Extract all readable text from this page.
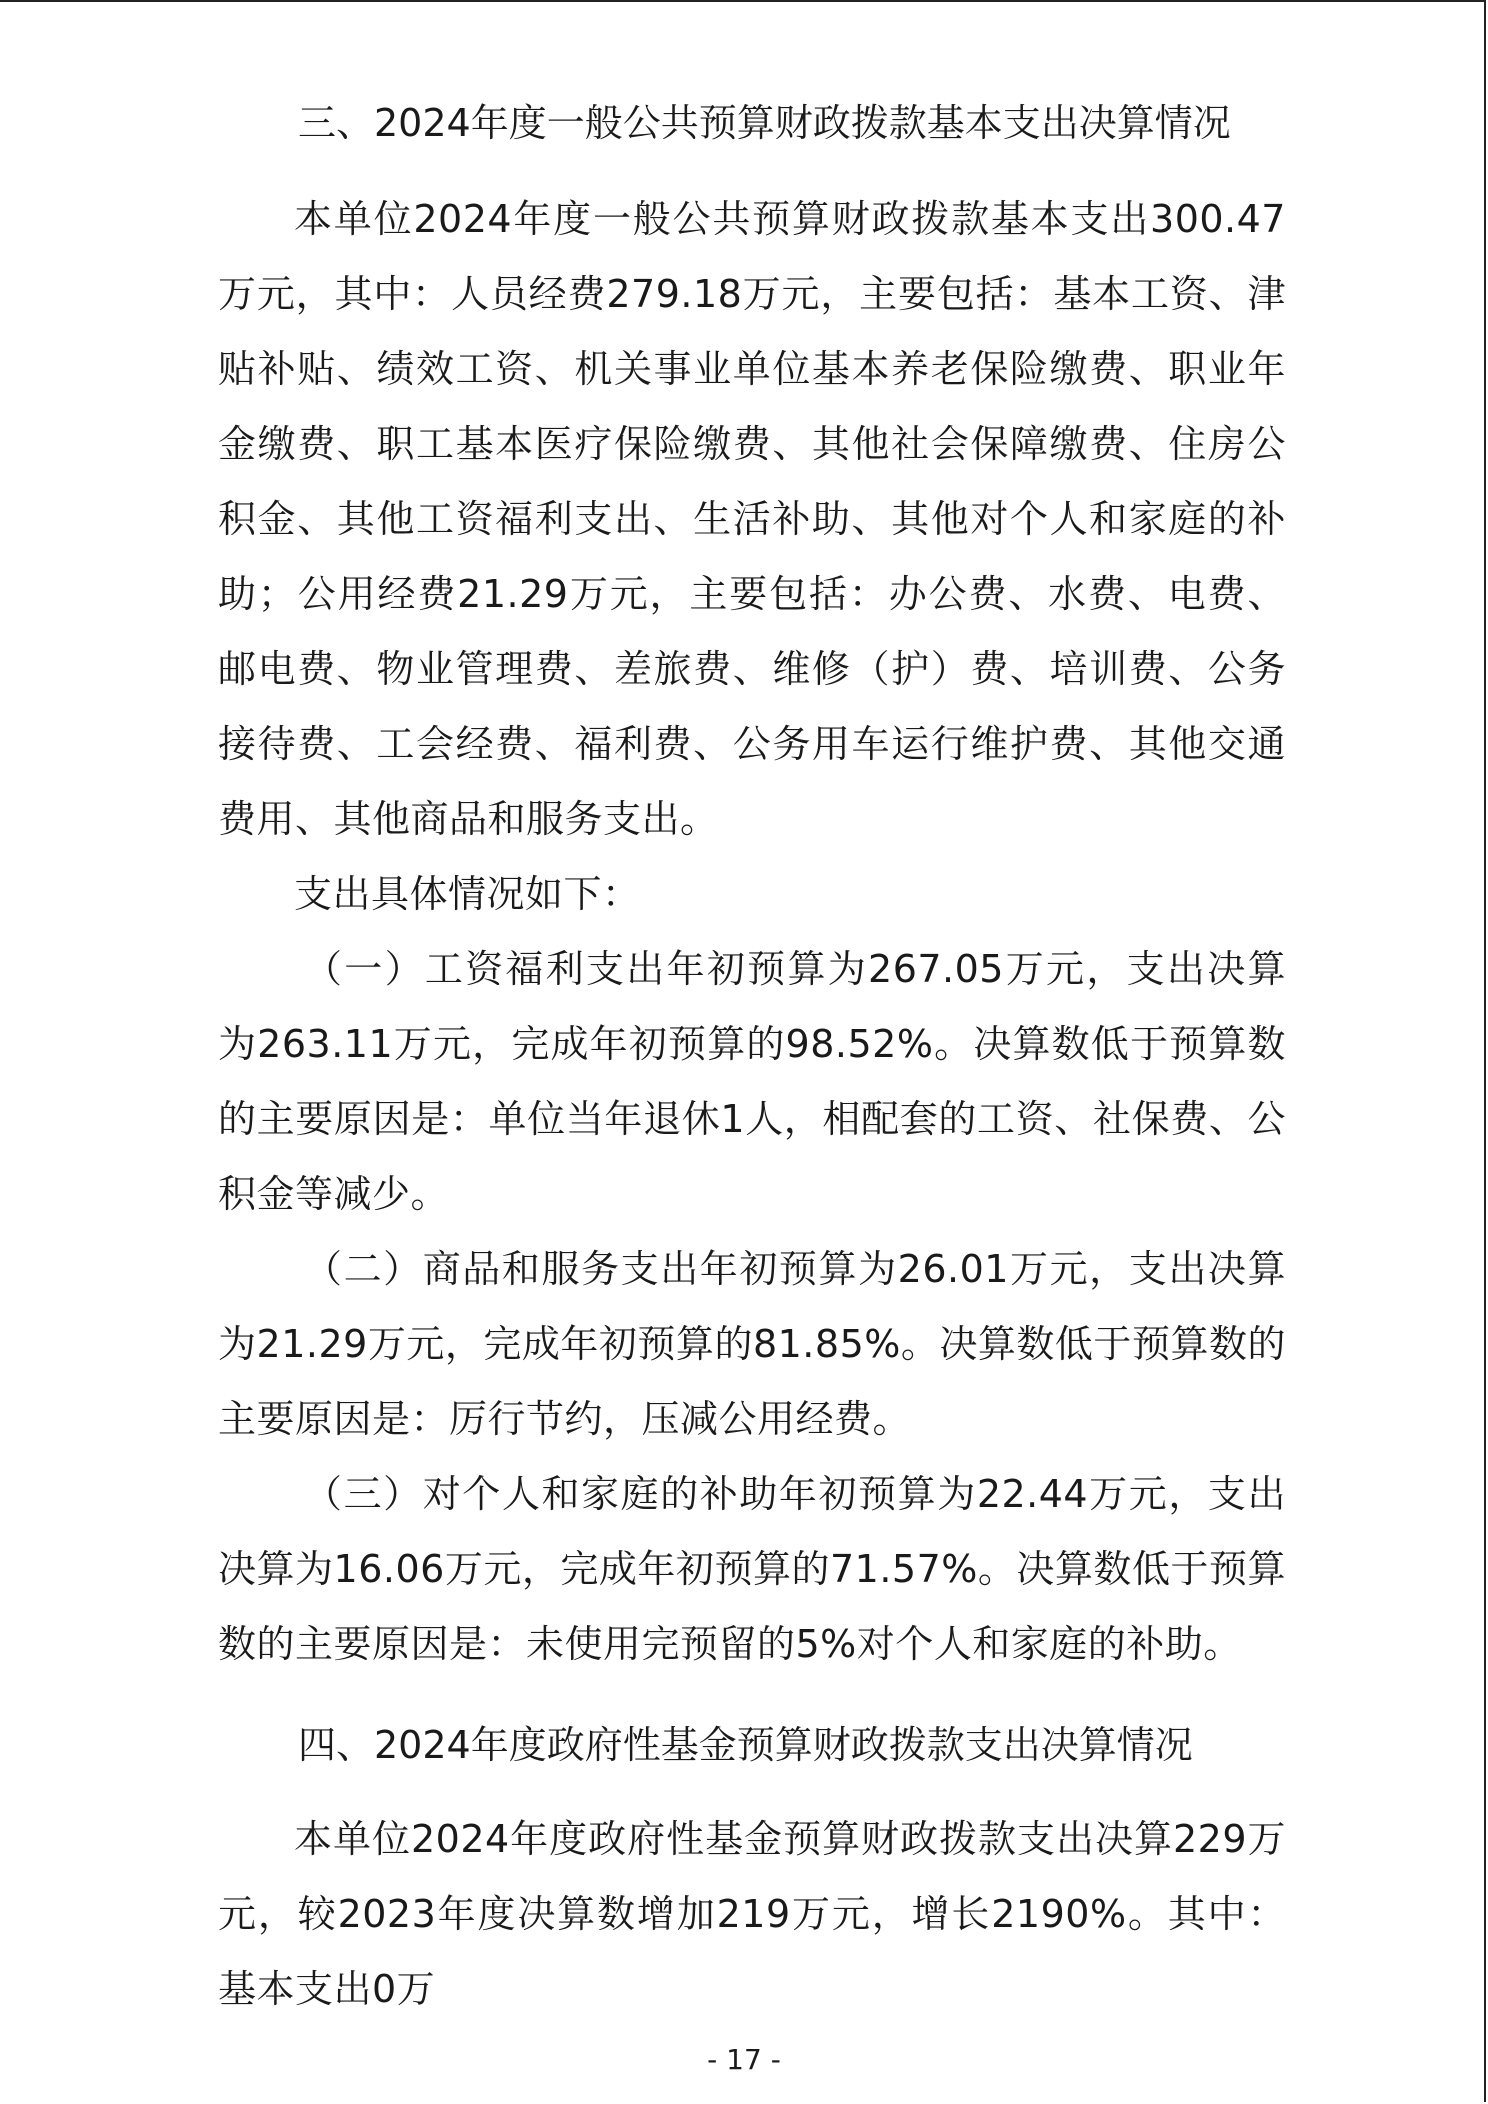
三、2024年度一般公共预算财政拨款基本支出决算情况

本单位2024年度一般公共预算财政拨款基本支出300.47万元，其中：人员经费279.18万元，主要包括：基本工资、津贴补贴、绩效工资、机关事业单位基本养老保险缴费、职业年金缴费、职工基本医疗保险缴费、其他社会保障缴费、住房公积金、其他工资福利支出、生活补助、其他对个人和家庭的补助；公用经费21.29万元，主要包括：办公费、水费、电费、邮电费、物业管理费、差旅费、维修（护）费、培训费、公务接待费、工会经费、福利费、公务用车运行维护费、其他交通费用、其他商品和服务支出。

支出具体情况如下：

（一）工资福利支出年初预算为267.05万元，支出决算为263.11万元，完成年初预算的98.52%。决算数低于预算数的主要原因是：单位当年退休1人，相配套的工资、社保费、公积金等减少。

（二）商品和服务支出年初预算为26.01万元，支出决算为21.29万元，完成年初预算的81.85%。决算数低于预算数的主要原因是：厉行节约，压减公用经费。

（三）对个人和家庭的补助年初预算为22.44万元，支出决算为16.06万元，完成年初预算的71.57%。决算数低于预算数的主要原因是：未使用完预留的5%对个人和家庭的补助。

四、2024年度政府性基金预算财政拨款支出决算情况

本单位2024年度政府性基金预算财政拨款支出决算229万元，较2023年度决算数增加219万元，增长2190%。其中：基本支出0万

- 17 -
